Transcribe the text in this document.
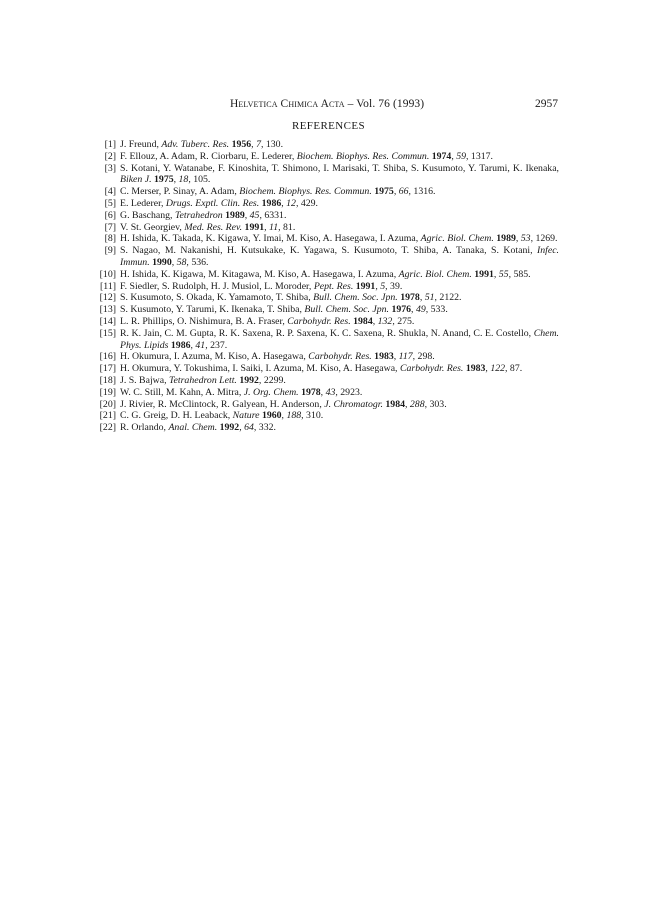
Helvetica Chimica Acta – Vol. 76 (1993)	2957
REFERENCES
[1] J. Freund, Adv. Tuberc. Res. 1956, 7, 130.
[2] F. Ellouz, A. Adam, R. Ciorbaru, E. Lederer, Biochem. Biophys. Res. Commun. 1974, 59, 1317.
[3] S. Kotani, Y. Watanabe, F. Kinoshita, T. Shimono, I. Marisaki, T. Shiba, S. Kusumoto, Y. Tarumi, K. Ikenaka, Biken J. 1975, 18, 105.
[4] C. Merser, P. Sinay, A. Adam, Biochem. Biophys. Res. Commun. 1975, 66, 1316.
[5] E. Lederer, Drugs. Exptl. Clin. Res. 1986, 12, 429.
[6] G. Baschang, Tetrahedron 1989, 45, 6331.
[7] V. St. Georgiev, Med. Res. Rev. 1991, 11, 81.
[8] H. Ishida, K. Takada, K. Kigawa, Y. Imai, M. Kiso, A. Hasegawa, I. Azuma, Agric. Biol. Chem. 1989, 53, 1269.
[9] S. Nagao, M. Nakanishi, H. Kutsukake, K. Yagawa, S. Kusumoto, T. Shiba, A. Tanaka, S. Kotani, Infec. Immun. 1990, 58, 536.
[10] H. Ishida, K. Kigawa, M. Kitagawa, M. Kiso, A. Hasegawa, I. Azuma, Agric. Biol. Chem. 1991, 55, 585.
[11] F. Siedler, S. Rudolph, H. J. Musiol, L. Moroder, Pept. Res. 1991, 5, 39.
[12] S. Kusumoto, S. Okada, K. Yamamoto, T. Shiba, Bull. Chem. Soc. Jpn. 1978, 51, 2122.
[13] S. Kusumoto, Y. Tarumi, K. Ikenaka, T. Shiba, Bull. Chem. Soc. Jpn. 1976, 49, 533.
[14] L. R. Phillips, O. Nishimura, B. A. Fraser, Carbohydr. Res. 1984, 132, 275.
[15] R. K. Jain, C. M. Gupta, R. K. Saxena, R. P. Saxena, K. C. Saxena, R. Shukla, N. Anand, C. E. Costello, Chem. Phys. Lipids 1986, 41, 237.
[16] H. Okumura, I. Azuma, M. Kiso, A. Hasegawa, Carbohydr. Res. 1983, 117, 298.
[17] H. Okumura, Y. Tokushima, I. Saiki, I. Azuma, M. Kiso, A. Hasegawa, Carbohydr. Res. 1983, 122, 87.
[18] J. S. Bajwa, Tetrahedron Lett. 1992, 2299.
[19] W. C. Still, M. Kahn, A. Mitra, J. Org. Chem. 1978, 43, 2923.
[20] J. Rivier, R. McClintock, R. Galyean, H. Anderson, J. Chromatogr. 1984, 288, 303.
[21] C. G. Greig, D. H. Leaback, Nature 1960, 188, 310.
[22] R. Orlando, Anal. Chem. 1992, 64, 332.
